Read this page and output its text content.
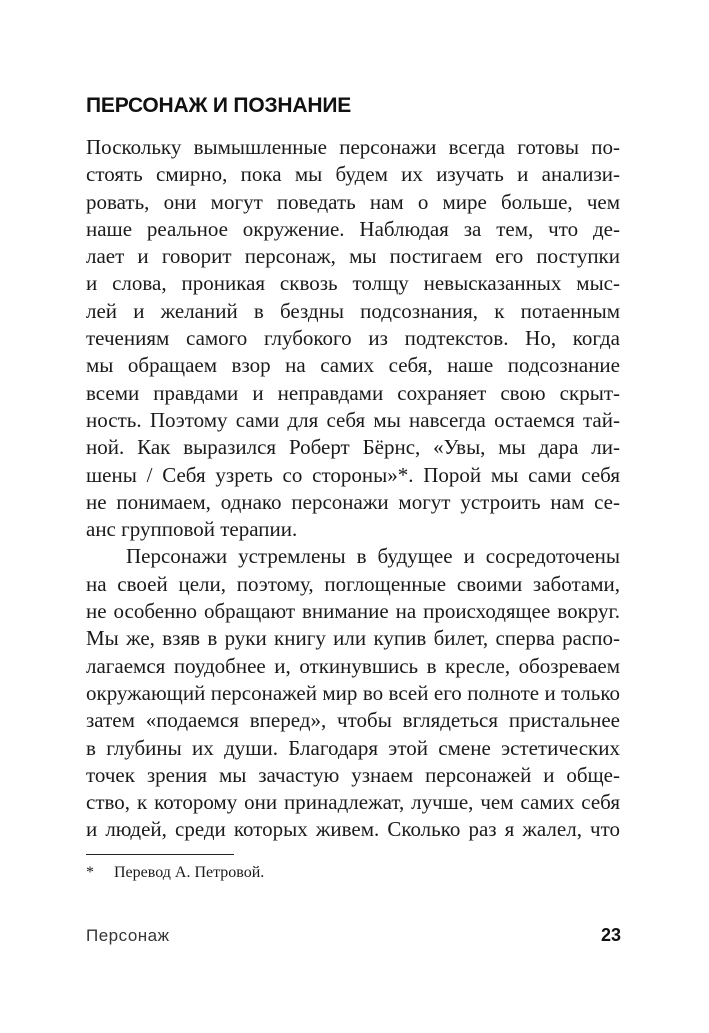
ПЕРСОНАЖ И ПОЗНАНИЕ
Поскольку вымышленные персонажи всегда готовы по-
стоять смирно, пока мы будем их изучать и анализи-
ровать, они могут поведать нам о мире больше, чем
наше реальное окружение. Наблюдая за тем, что де-
лает и говорит персонаж, мы постигаем его поступки
и слова, проникая сквозь толщу невысказанных мыс-
лей и желаний в бездны подсознания, к потаенным
течениям самого глубокого из подтекстов. Но, когда
мы обращаем взор на самих себя, наше подсознание
всеми правдами и неправдами сохраняет свою скрыт-
ность. Поэтому сами для себя мы навсегда остаемся тай-
ной. Как выразился Роберт Бёрнс, «Увы, мы дара ли-
шены / Себя узреть со стороны»*. Порой мы сами себя
не понимаем, однако персонажи могут устроить нам се-
анс групповой терапии.
Персонажи устремлены в будущее и сосредоточены
на своей цели, поэтому, поглощенные своими заботами,
не особенно обращают внимание на происходящее вокруг.
Мы же, взяв в руки книгу или купив билет, сперва распо-
лагаемся поудобнее и, откинувшись в кресле, обозреваем
окружающий персонажей мир во всей его полноте и только
затем «подаемся вперед», чтобы вглядеться пристальнее
в глубины их души. Благодаря этой смене эстетических
точек зрения мы зачастую узнаем персонажей и обще-
ство, к которому они принадлежат, лучше, чем самих себя
и людей, среди которых живем. Сколько раз я жалел, что
* Перевод А. Петровой.
Персонаж	23
